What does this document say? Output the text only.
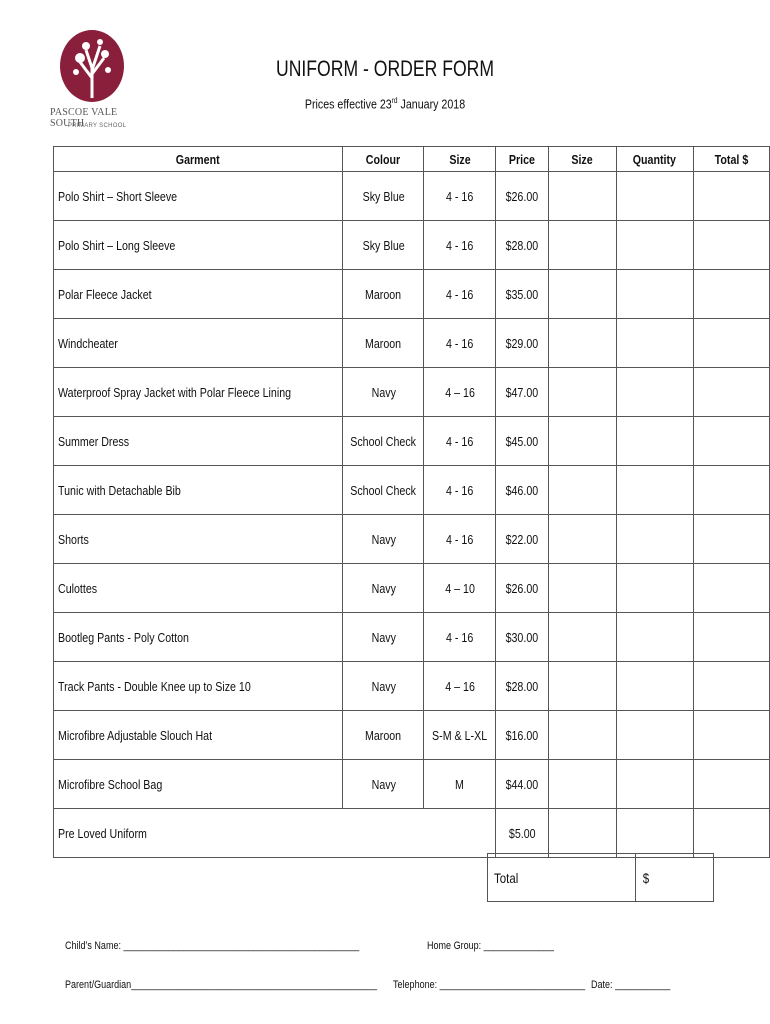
PASCOE VALE SOUTH
PRIMARY SCHOOL
UNIFORM - ORDER FORM
Prices effective 23rd January 2018
Garment	Colour	Size	Price	Size	Quantity	Total $
Polo Shirt – Short Sleeve	Sky Blue	4 - 16	$26.00			
Polo Shirt – Long Sleeve	Sky Blue	4 - 16	$28.00			
Polar Fleece Jacket	Maroon	4 - 16	$35.00			
Windcheater	Maroon	4 - 16	$29.00			
Waterproof Spray Jacket with Polar Fleece Lining	Navy	4 – 16	$47.00			
Summer Dress	School Check	4 - 16	$45.00			
Tunic with Detachable Bib	School Check	4 - 16	$46.00			
Shorts	Navy	4 - 16	$22.00			
Culottes	Navy	4 – 10	$26.00			
Bootleg Pants - Poly Cotton	Navy	4 - 16	$30.00			
Track Pants - Double Knee up to Size 10	Navy	4 – 16	$28.00			
Microfibre Adjustable Slouch Hat	Maroon	S-M & L-XL	$16.00			
Microfibre School Bag	Navy	M	$44.00			
Pre Loved Uniform			$5.00			
Total	$
Child’s Name: _______________________________________________	Home Group: ______________
Parent/Guardian_________________________________________________ Telephone: _____________________________ Date: ___________
